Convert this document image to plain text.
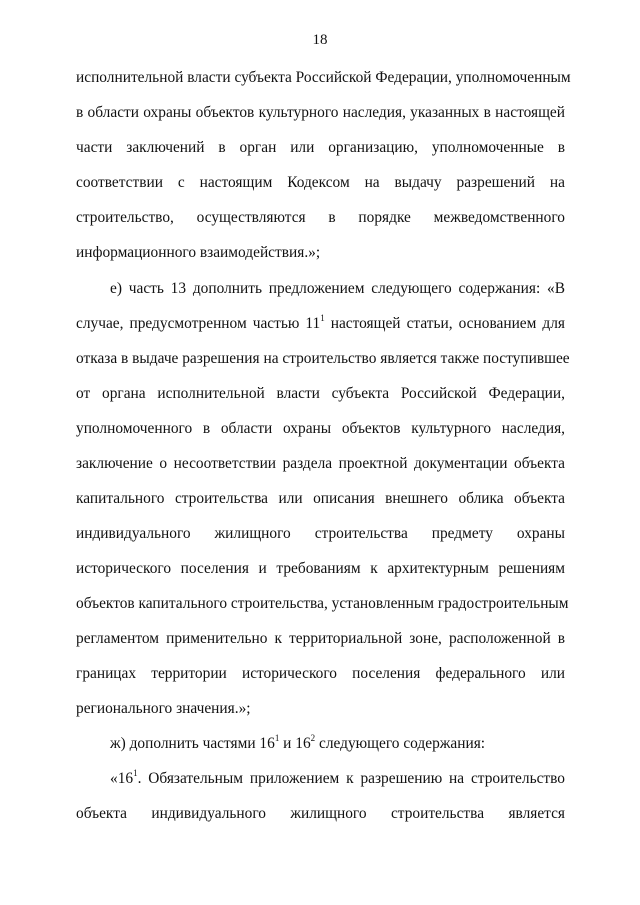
18
исполнительной власти субъекта Российской Федерации, уполномоченным
в области охраны объектов культурного наследия, указанных в настоящей
части заключений в орган или организацию, уполномоченные в
соответствии с настоящим Кодексом на выдачу разрешений на
строительство, осуществляются в порядке межведомственного
информационного взаимодействия.»;
е) часть 13 дополнить предложением следующего содержания: «В
случае, предусмотренном частью $11^1$ настоящей статьи, основанием для
отказа в выдаче разрешения на строительство является также поступившее
от органа исполнительной власти субъекта Российской Федерации,
уполномоченного в области охраны объектов культурного наследия,
заключение о несоответствии раздела проектной документации объекта
капитального строительства или описания внешнего облика объекта
индивидуального жилищного строительства предмету охраны
исторического поселения и требованиям к архитектурным решениям
объектов капитального строительства, установленным градостроительным
регламентом применительно к территориальной зоне, расположенной в
границах территории исторического поселения федерального или
регионального значения.»;
ж) дополнить частями $16^1$ и $16^2$ следующего содержания:
«$16^1$. Обязательным приложением к разрешению на строительство
объекта индивидуального жилищного строительства является
